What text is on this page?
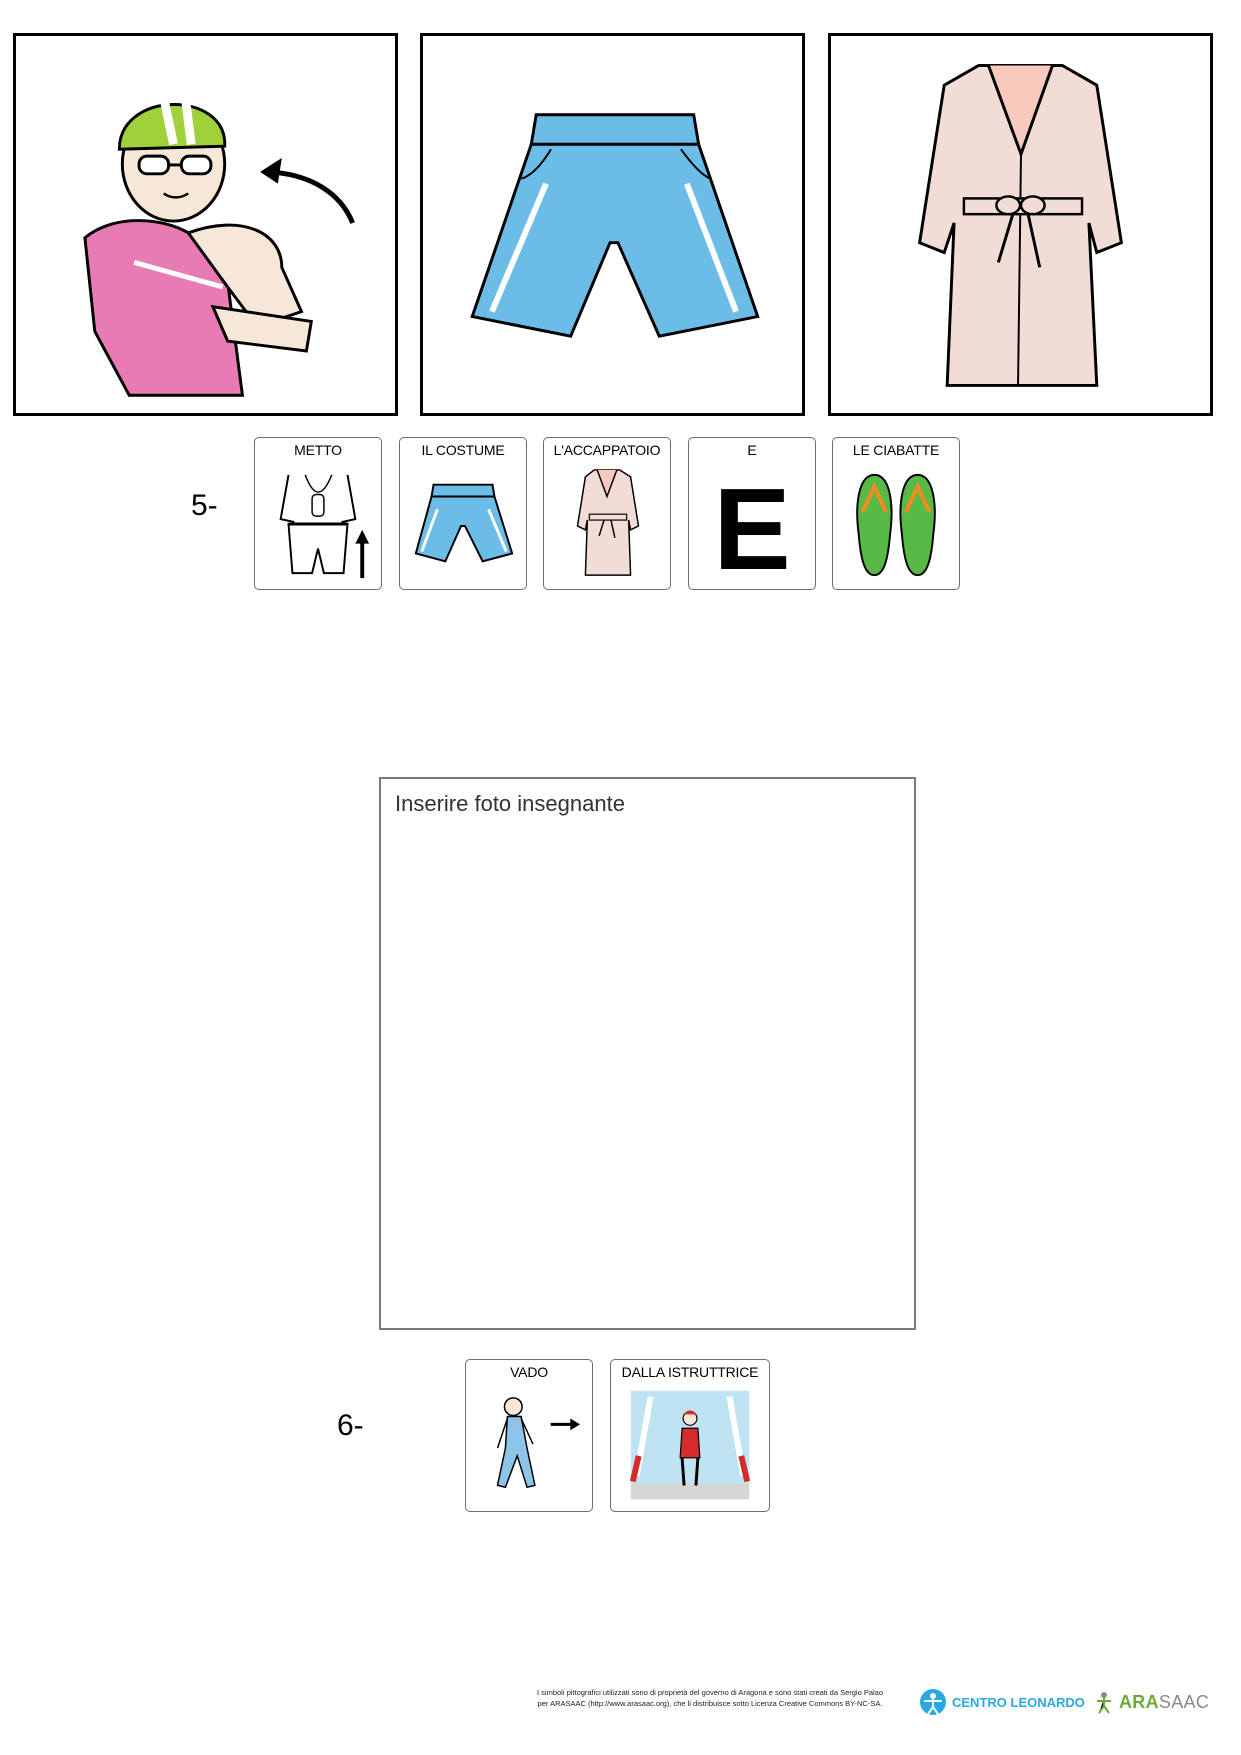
5-
METTO	IL COSTUME	L'ACCAPPATOIO	E
E
LE CIABATTE
Inserire foto insegnante
6-
VADO	DALLA ISTRUTTRICE
I simboli pittografici utilizzati sono di proprietà del governo di Aragona e sono stati creati da Sergio Palao
per ARASAAC (http://www.arasaac.org), che li distribuisce sotto Licenza Creative Commons BY-NC-SA.	CENTRO LEONARDO ARASAAC
